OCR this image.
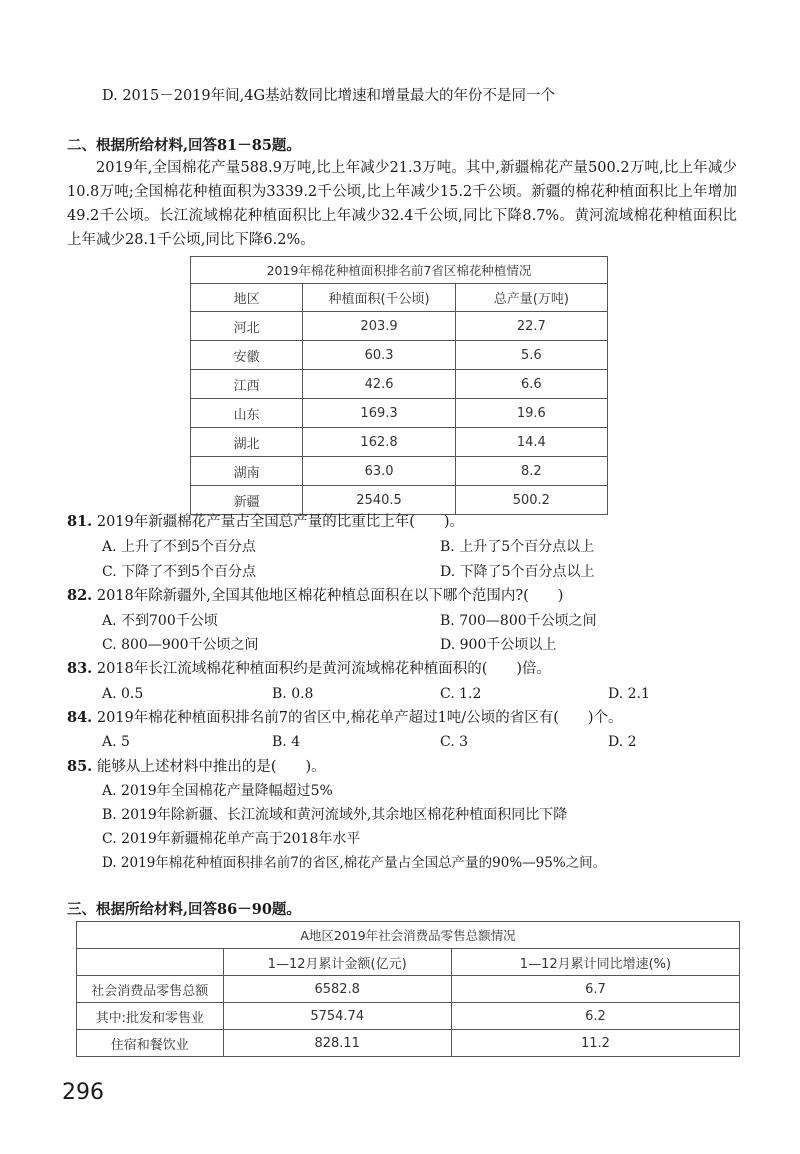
D. 2015－2019年间,4G基站数同比增速和增量最大的年份不是同一个
二、根据所给材料,回答81－85题。

2019年,全国棉花产量588.9万吨,比上年减少21.3万吨。其中,新疆棉花产量500.2万吨,比上年减少10.8万吨;全国棉花种植面积为3339.2千公顷,比上年减少15.2千公顷。新疆的棉花种植面积比上年增加49.2千公顷。长江流域棉花种植面积比上年减少32.4千公顷,同比下降8.7%。黄河流域棉花种植面积比上年减少28.1千公顷,同比下降6.2%。

2019年棉花种植面积排名前7省区棉花种植情况		
地区	种植面积(千公顷)	总产量(万吨)
河北	203.9	22.7
安徽	60.3	5.6
江西	42.6	6.6
山东	169.3	19.6
湖北	162.8	14.4
湖南	63.0	8.2
新疆	2540.5	500.2
81. 2019年新疆棉花产量占全国总产量的比重比上年(　　)。
A. 上升了不到5个百分点	B. 上升了5个百分点以上
C. 下降了不到5个百分点	D. 下降了5个百分点以上
82. 2018年除新疆外,全国其他地区棉花种植总面积在以下哪个范围内?(　　)
A. 不到700千公顷	B. 700—800千公顷之间
C. 800—900千公顷之间	D. 900千公顷以上
83. 2018年长江流域棉花种植面积约是黄河流域棉花种植面积的(　　)倍。
A. 0.5	B. 0.8	C. 1.2	D. 2.1
84. 2019年棉花种植面积排名前7的省区中,棉花单产超过1吨/公顷的省区有(　　)个。
A. 5	B. 4	C. 3	D. 2
85. 能够从上述材料中推出的是(　　)。
A. 2019年全国棉花产量降幅超过5%
B. 2019年除新疆、长江流域和黄河流域外,其余地区棉花种植面积同比下降
C. 2019年新疆棉花单产高于2018年水平
D. 2019年棉花种植面积排名前7的省区,棉花产量占全国总产量的90%—95%之间。
三、根据所给材料,回答86－90题。
A地区2019年社会消费品零售总额情况		
	1—12月累计金额(亿元)	1—12月累计同比增速(%)
社会消费品零售总额	6582.8	6.7
其中:批发和零售业	5754.74	6.2
住宿和餐饮业	828.11	11.2
296
